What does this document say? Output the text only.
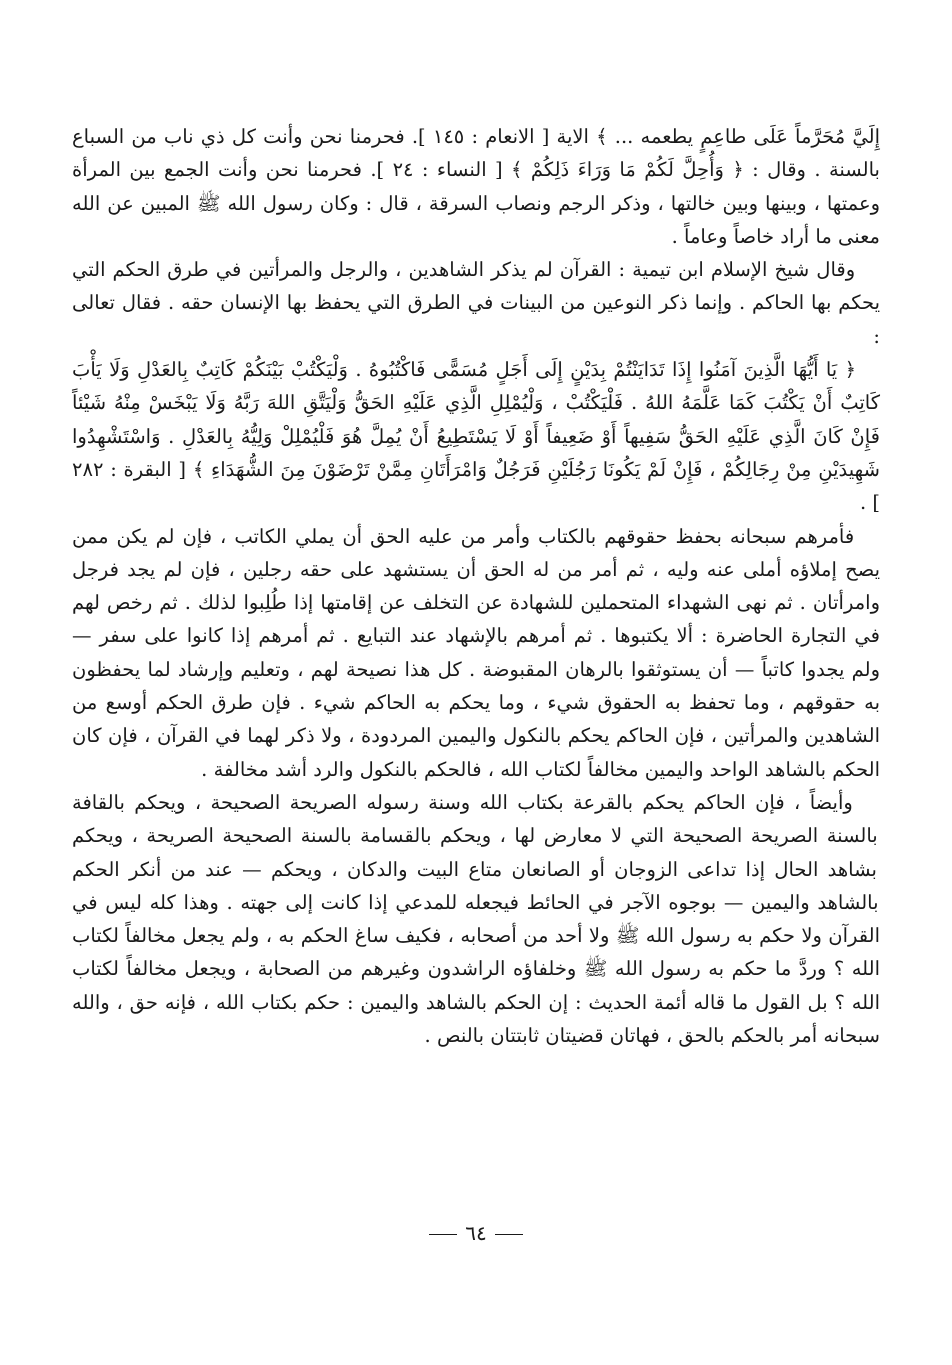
إِلَيَّ مُحَرَّماً عَلَى طاعِمٍ يطعمه ... ﴾ الاية [ الانعام : ١٤٥ ]. فحرمنا نحن وأنت كل ذي ناب من السباع بالسنة . وقال : ﴿ وَأُحِلَّ لَكُمْ مَا وَرَاءَ ذَلِكُمْ ﴾ [ النساء : ٢٤ ]. فحرمنا نحن وأنت الجمع بين المرأة وعمتها ، وبينها وبين خالتها ، وذكر الرجم ونصاب السرقة ، قال : وكان رسول الله ﷺ المبين عن الله معنى ما أراد خاصاً وعاماً .

وقال شيخ الإسلام ابن تيمية : القرآن لم يذكر الشاهدين ، والرجل والمرأتين في طرق الحكم التي يحكم بها الحاكم . وإنما ذكر النوعين من البينات في الطرق التي يحفظ بها الإنسان حقه . فقال تعالى :

﴿ يَا أَيُّهَا الَّذِينَ آمَنُوا إِذَا تَدَايَنْتُمْ بِدَيْنٍ إِلَى أَجَلٍ مُسَمًّى فَاكْتُبُوهُ . وَلْيَكْتُبْ بَيْنَكُمْ كَاتِبٌ بِالعَدْلِ وَلَا يَأْبَ كَاتِبٌ أَنْ يَكْتُبَ كَمَا عَلَّمَهُ اللهُ . فَلْيَكْتُبْ ، وَلْيُمْلِلِ الَّذِي عَلَيْهِ الحَقُّ وَلْيَتَّقِ اللهَ رَبَّهُ وَلَا يَبْخَسْ مِنْهُ شَيْئاً فَإِنْ كَانَ الَّذِي عَلَيْهِ الحَقُّ سَفِيهاً أَوْ ضَعِيفاً أَوْ لَا يَسْتَطِيعُ أَنْ يُمِلَّ هُوَ فَلْيُمْلِلْ وَلِيُّهُ بِالعَدْلِ . وَاسْتَشْهِدُوا شَهِيدَيْنِ مِنْ رِجَالِكُمْ ، فَإِنْ لَمْ يَكُونَا رَجُلَيْنِ فَرَجُلٌ وَامْرَأَتَانِ مِمَّنْ تَرْضَوْنَ مِنَ الشُّهَدَاءِ ﴾ [ البقرة : ٢٨٢ ] .

فأمرهم سبحانه بحفظ حقوقهم بالكتاب وأمر من عليه الحق أن يملي الكاتب ، فإن لم يكن ممن يصح إملاؤه أملى عنه وليه ، ثم أمر من له الحق أن يستشهد على حقه رجلين ، فإن لم يجد فرجل وامرأتان . ثم نهى الشهداء المتحملين للشهادة عن التخلف عن إقامتها إذا طُلِبوا لذلك . ثم رخص لهم في التجارة الحاضرة : ألا يكتبوها . ثم أمرهم بالإشهاد عند التبايع . ثم أمرهم إذا كانوا على سفر — ولم يجدوا كاتباً — أن يستوثقوا بالرهان المقبوضة . كل هذا نصيحة لهم ، وتعليم وإرشاد لما يحفظون به حقوقهم ، وما تحفظ به الحقوق شيء ، وما يحكم به الحاكم شيء . فإن طرق الحكم أوسع من الشاهدين والمرأتين ، فإن الحاكم يحكم بالنكول واليمين المردودة ، ولا ذكر لهما في القرآن ، فإن كان الحكم بالشاهد الواحد واليمين مخالفاً لكتاب الله ، فالحكم بالنكول والرد أشد مخالفة .

وأيضاً ، فإن الحاكم يحكم بالقرعة بكتاب الله وسنة رسوله الصريحة الصحيحة ، ويحكم بالقافة بالسنة الصريحة الصحيحة التي لا معارض لها ، ويحكم بالقسامة بالسنة الصحيحة الصريحة ، ويحكم بشاهد الحال إذا تداعى الزوجان أو الصانعان متاع البيت والدكان ، ويحكم — عند من أنكر الحكم بالشاهد واليمين — بوجوه الآجر في الحائط فيجعله للمدعي إذا كانت إلى جهته . وهذا كله ليس في القرآن ولا حكم به رسول الله ﷺ ولا أحد من أصحابه ، فكيف ساغ الحكم به ، ولم يجعل مخالفاً لكتاب الله ؟ وردَّ ما حكم به رسول الله ﷺ وخلفاؤه الراشدون وغيرهم من الصحابة ، ويجعل مخالفاً لكتاب الله ؟ بل القول ما قاله أئمة الحديث : إن الحكم بالشاهد واليمين : حكم بكتاب الله ، فإنه حق ، والله سبحانه أمر بالحكم بالحق ، فهاتان قضيتان ثابتتان بالنص .

٦٤
